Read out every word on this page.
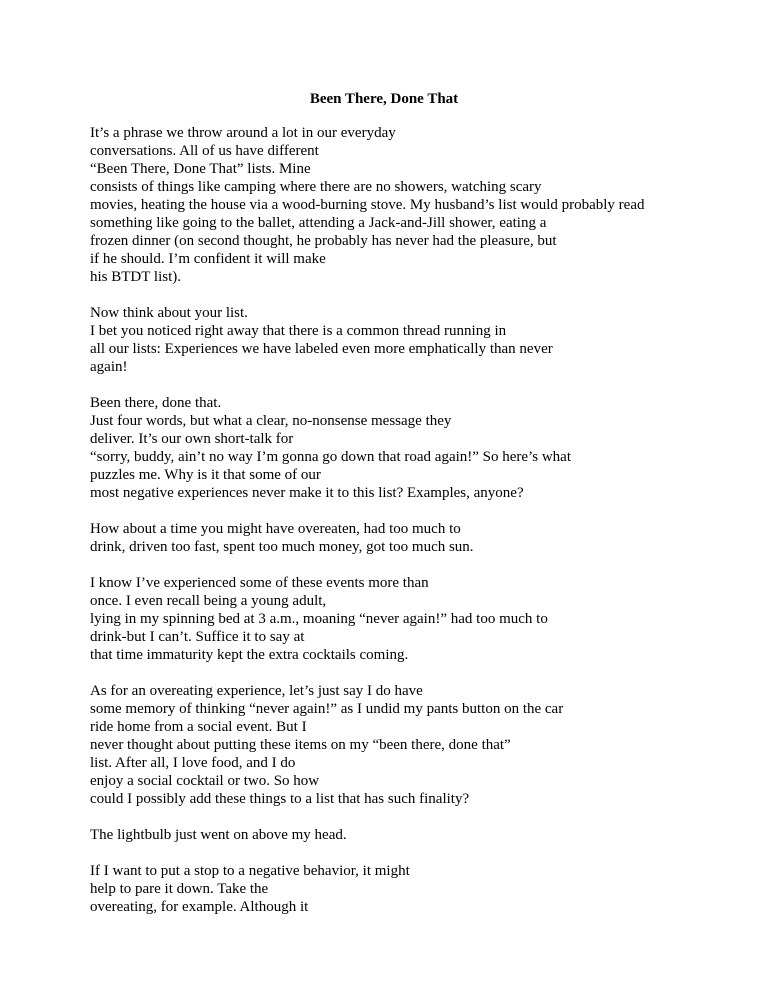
Been There, Done That

It’s a phrase we throw around a lot in our everyday
conversations. All of us have different
“Been There, Done That” lists. Mine
consists of things like camping where there are no showers, watching scary
movies, heating the house via a wood-burning stove. My husband’s list would probably read
something like going to the ballet, attending a Jack-and-Jill shower, eating a
frozen dinner (on second thought, he probably has never had the pleasure, but
if he should. I’m confident it will make
his BTDT list).

Now think about your list.
I bet you noticed right away that there is a common thread running in
all our lists: Experiences we have labeled even more emphatically than never
again!

Been there, done that.
Just four words, but what a clear, no-nonsense message they
deliver. It’s our own short-talk for
“sorry, buddy, ain’t no way I’m gonna go down that road again!” So here’s what
puzzles me. Why is it that some of our
most negative experiences never make it to this list? Examples, anyone?

How about a time you might have overeaten, had too much to
drink, driven too fast, spent too much money, got too much sun.

I know I’ve experienced some of these events more than
once. I even recall being a young adult,
lying in my spinning bed at 3 a.m., moaning “never again!” had too much to
drink-but I can’t. Suffice it to say at
that time immaturity kept the extra cocktails coming.

As for an overeating experience, let’s just say I do have
some memory of thinking “never again!” as I undid my pants button on the car
ride home from a social event. But I
never thought about putting these items on my “been there, done that”
list. After all, I love food, and I do
enjoy a social cocktail or two. So how
could I possibly add these things to a list that has such finality?

The lightbulb just went on above my head.

If I want to put a stop to a negative behavior, it might
help to pare it down. Take the
overeating, for example. Although it
